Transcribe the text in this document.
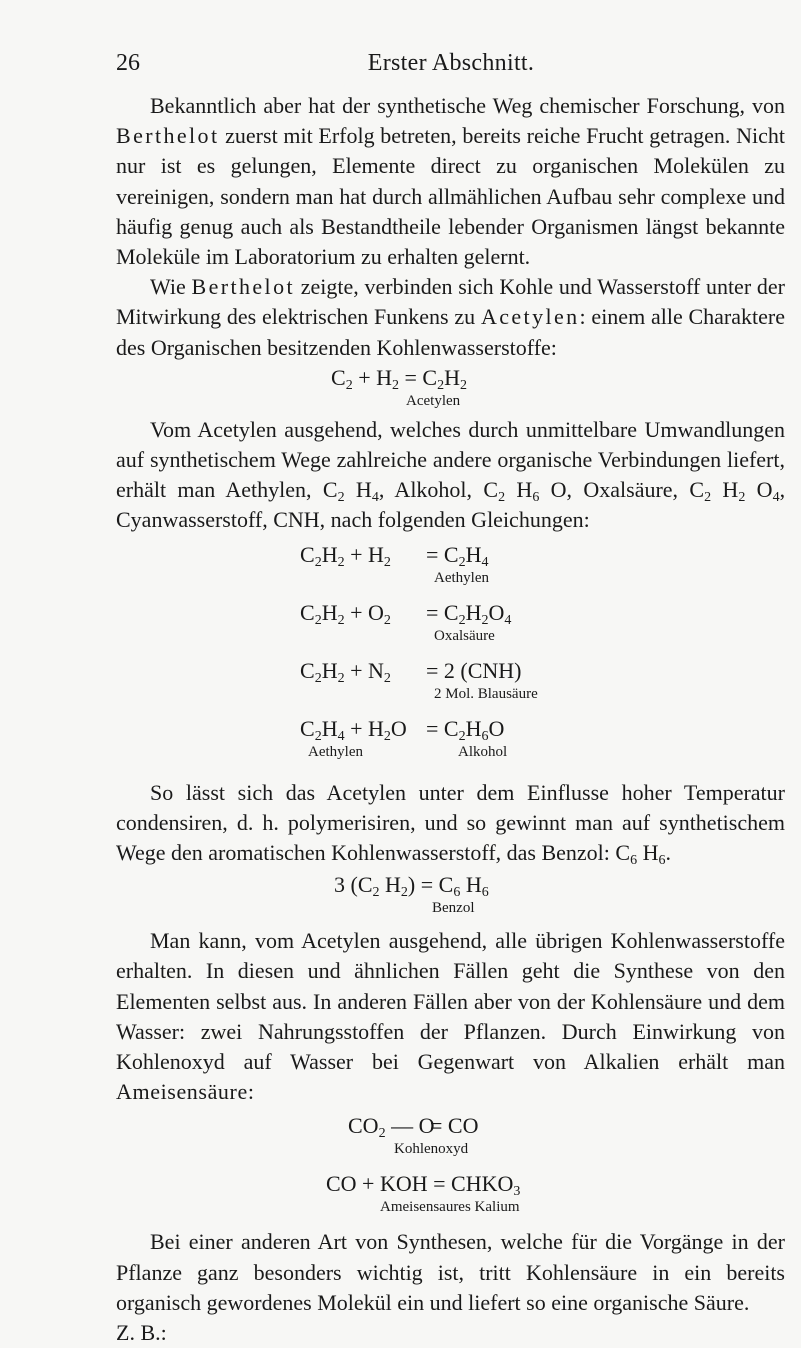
26	Erster Abschnitt.

Bekanntlich aber hat der synthetische Weg chemischer Forschung, von Berthelot zuerst mit Erfolg betreten, bereits reiche Frucht getragen. Nicht nur ist es gelungen, Elemente direct zu organischen Molekülen zu vereinigen, sondern man hat durch allmählichen Aufbau sehr complexe und häufig genug auch als Bestandtheile lebender Organismen längst bekannte Moleküle im Laboratorium zu erhalten gelernt.

Wie Berthelot zeigte, verbinden sich Kohle und Wasserstoff unter der Mitwirkung des elektrischen Funkens zu Acetylen: einem alle Charaktere des Organischen besitzenden Kohlenwasserstoffe:

$C_2 + H_2 = C_2H_2$
Acetylen

Vom Acetylen ausgehend, welches durch unmittelbare Umwandlungen auf synthetischem Wege zahlreiche andere organische Verbindungen liefert, erhält man Aethylen, $C_2$ $H_4$, Alkohol, $C_2$ $H_6$ O, Oxalsäure, $C_2$ $H_2$ $O_4$, Cyanwasserstoff, CNH, nach folgenden Gleichungen:

$C_2H_2 + H_2 = C_2H_4$
Aethylen
$C_2H_2 + O_2 = C_2H_2O_4$
Oxalsäure
$C_2H_2 + N_2 = 2$ (CNH)
2 Mol. Blausäure
$C_2H_4 + H_2O = C_2H_6O$
Aethylen	Alkohol

So lässt sich das Acetylen unter dem Einflusse hoher Temperatur condensiren, d. h. polymerisiren, und so gewinnt man auf synthetischem Wege den aromatischen Kohlenwasserstoff, das Benzol: $C_6$ $H_6$.

3 ($C_2$ $H_2) = C_6$ $H_6$
Benzol

Man kann, vom Acetylen ausgehend, alle übrigen Kohlenwasserstoffe erhalten. In diesen und ähnlichen Fällen geht die Synthese von den Elementen selbst aus. In anderen Fällen aber von der Kohlensäure und dem Wasser: zwei Nahrungsstoffen der Pflanzen. Durch Einwirkung von Kohlenoxyd auf Wasser bei Gegenwart von Alkalien erhält man Ameisensäure:

$CO_2$ — O
= CO
Kohlenoxyd
CO + KOH = $CHKO_3$
Ameisensaures Kalium

Bei einer anderen Art von Synthesen, welche für die Vorgänge in der Pflanze ganz besonders wichtig ist, tritt Kohlensäure in ein bereits organisch gewordenes Molekül ein und liefert so eine organische Säure.

Z. B.:
